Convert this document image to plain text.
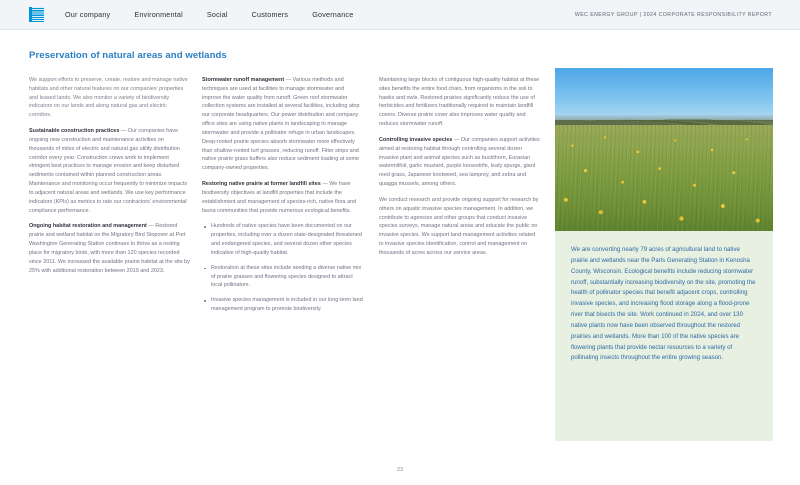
Our company	Environmental	Social	Customers	Governance	WEC ENERGY GROUP | 2024 CORPORATE RESPONSIBILITY REPORT
Preservation of natural areas and wetlands

We support efforts to preserve, create, restore and manage native habitats and other natural features on our companies' properties and leased lands. We also monitor a variety of biodiversity indicators on our lands and along natural gas and electric corridors.

Sustainable construction practices — Our companies have ongoing new construction and maintenance activities on thousands of miles of electric and natural gas utility distribution corridor every year. Construction crews work to implement stringent best practices to manage erosion and keep disturbed sediments contained within planned construction areas. Maintenance and monitoring occur frequently to minimize impacts to adjacent natural areas and wetlands. We use key performance indicators (KPIs) as metrics to rate our contractors' environmental compliance performance.

Ongoing habitat restoration and management — Restored prairie and wetland habitat on the Migratory Bird Stopover at Port Washington Generating Station continues to thrive as a resting place for migratory birds, with more than 120 species recorded since 2011. We increased the available prairie habitat at the site by 25% with additional restoration between 2019 and 2023.

Stormwater runoff management — Various methods and techniques are used at facilities to manage stormwater and improve the water quality from runoff. Green roof stormwater collection systems are installed at several facilities, including atop our corporate headquarters. Our power distribution and company office sites are using native plants in landscaping to manage stormwater and provide a pollinator refuge in urban landscapes. Deep-rooted prairie species absorb stormwater more effectively than shallow-rooted turf grasses, reducing runoff. Filter strips and native prairie grass buffers also reduce sediment loading at some company-owned properties.

Restoring native prairie at former landfill sites — We have biodiversity objectives at landfill properties that include the establishment and management of species-rich, native flora and fauna communities that provide numerous ecological benefits.

Hundreds of native species have been documented on our properties, including over a dozen state-designated threatened and endangered species, and several dozen other species indicative of high-quality habitat.
Restoration at these sites include seeding a diverse native mix of prairie grasses and flowering species designed to attract local pollinators.
Invasive species management is included in our long-term land management program to promote biodiversity.

Maintaining large blocks of contiguous high-quality habitat at these sites benefits the entire food chain, from organisms in the soil to hawks and owls. Restored prairies significantly reduce the use of herbicides and fertilizers traditionally required to maintain landfill covers. Diverse prairie cover also improves water quality and reduces stormwater runoff.

Controlling invasive species — Our companies support activities aimed at restoring habitat through controlling several dozen invasive plant and animal species such as buckthorn, Eurasian watermilfoil, garlic mustard, purple loosestrife, leafy spurge, giant reed grass, Japanese knotweed, sea lamprey, and zebra and quagga mussels, among others.

We conduct research and provide ongoing support for research by others on aquatic invasive species management. In addition, we contribute to agencies and other groups that conduct invasive species surveys, manage natural areas and educate the public on invasive species. We support land-management activities related to invasive species identification, control and management on thousands of acres across our service areas.	We are converting nearly 79 acres of agricultural land to native prairie and wetlands near the Paris Generating Station in Kenosha County, Wisconsin. Ecological benefits include reducing stormwater runoff, substantially increasing biodiversity on the site, promoting the health of pollinator species that benefit adjacent crops, controlling invasive species, and increasing flood storage along a flood-prone river that bisects the site. Work continued in 2024, and over 130 native plants now have been observed throughout the restored prairies and wetlands. More than 100 of the native species are flowering plants that provide nectar resources to a variety of pollinating insects throughout the entire growing season.
23
